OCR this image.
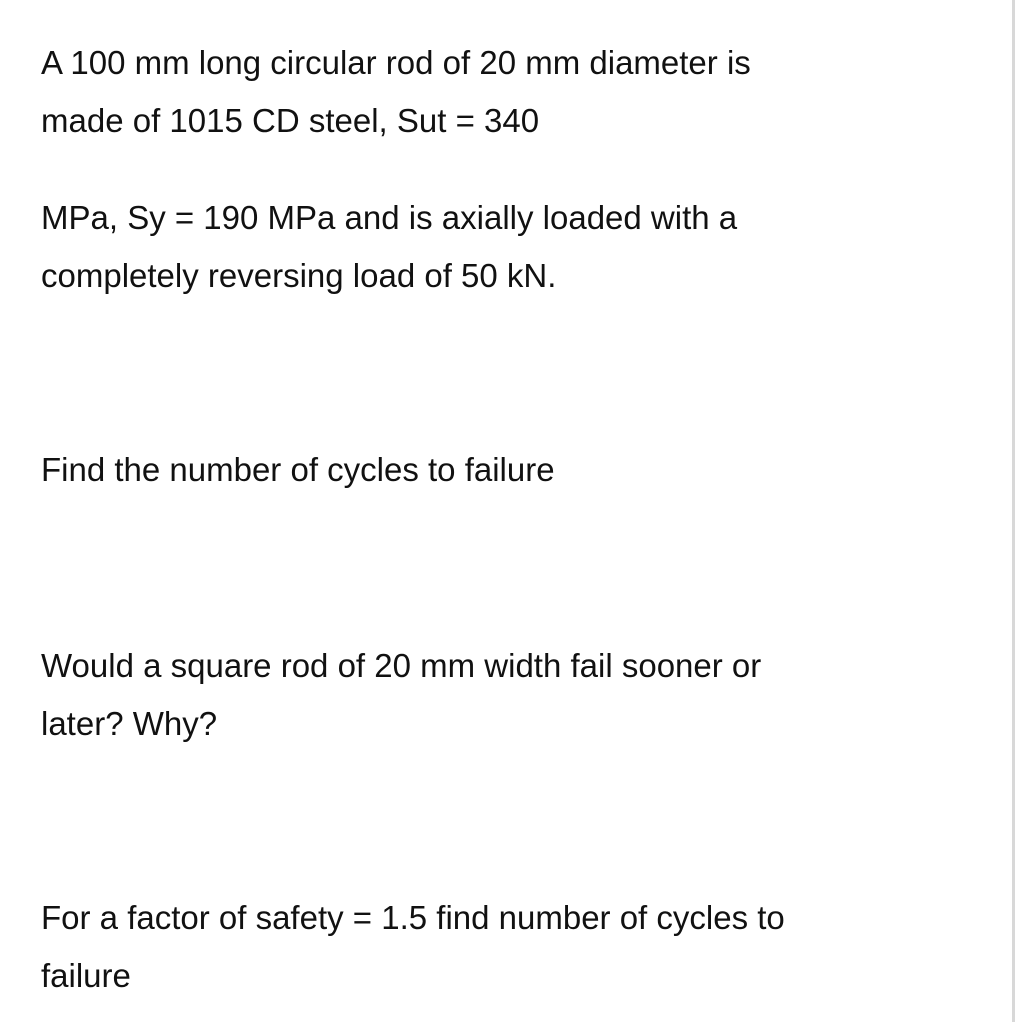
A 100 mm long circular rod of 20 mm diameter is
made of 1015 CD steel, Sut = 340

MPa, Sy = 190 MPa and is axially loaded with a
completely reversing load of 50 kN.

Find the number of cycles to failure

Would a square rod of 20 mm width fail sooner or
later? Why?

For a factor of safety = 1.5 find number of cycles to
failure
